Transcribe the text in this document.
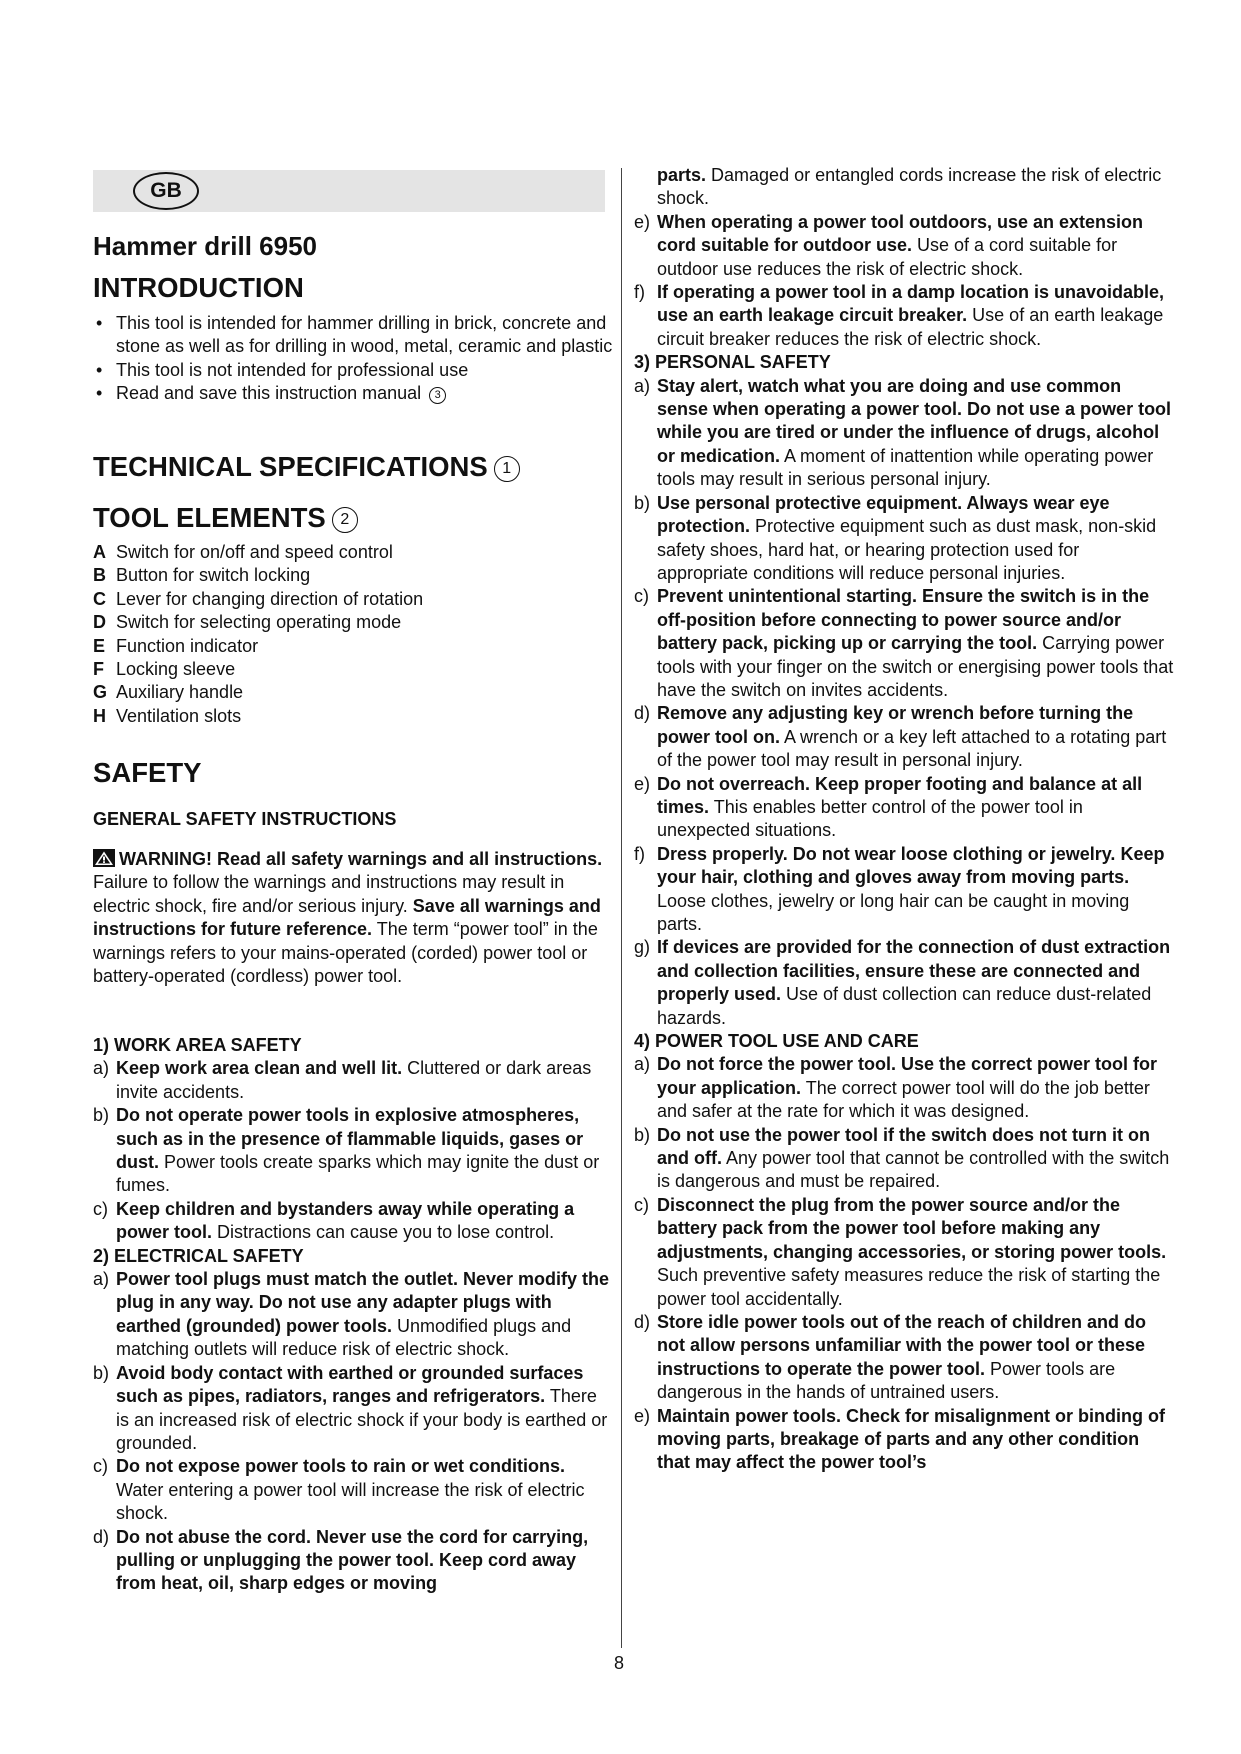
GB
Hammer drill 6950
INTRODUCTION
• This tool is intended for hammer drilling in brick, concrete and stone as well as for drilling in wood, metal, ceramic and plastic
• This tool is not intended for professional use
• Read and save this instruction manual 3
TECHNICAL SPECIFICATIONS 1
TOOL ELEMENTS 2
A Switch for on/off and speed control
B Button for switch locking
C Lever for changing direction of rotation
D Switch for selecting operating mode
E Function indicator
F Locking sleeve
G Auxiliary handle
H Ventilation slots
SAFETY
GENERAL SAFETY INSTRUCTIONS

WARNING! Read all safety warnings and all instructions. Failure to follow the warnings and instructions may result in electric shock, fire and/or serious injury. Save all warnings and instructions for future reference. The term “power tool” in the warnings refers to your mains-operated (corded) power tool or battery-operated (cordless) power tool.

1) WORK AREA SAFETY
a) Keep work area clean and well lit. Cluttered or dark areas invite accidents.
b) Do not operate power tools in explosive atmospheres, such as in the presence of flammable liquids, gases or dust. Power tools create sparks which may ignite the dust or fumes.
c) Keep children and bystanders away while operating a power tool. Distractions can cause you to lose control.
2) ELECTRICAL SAFETY
a) Power tool plugs must match the outlet. Never modify the plug in any way. Do not use any adapter plugs with earthed (grounded) power tools. Unmodified plugs and matching outlets will reduce risk of electric shock.
b) Avoid body contact with earthed or grounded surfaces such as pipes, radiators, ranges and refrigerators. There is an increased risk of electric shock if your body is earthed or grounded.
c) Do not expose power tools to rain or wet conditions. Water entering a power tool will increase the risk of electric shock.
d) Do not abuse the cord. Never use the cord for carrying, pulling or unplugging the power tool. Keep cord away from heat, oil, sharp edges or moving
parts. Damaged or entangled cords increase the risk of electric shock.
e) When operating a power tool outdoors, use an extension cord suitable for outdoor use. Use of a cord suitable for outdoor use reduces the risk of electric shock.
f) If operating a power tool in a damp location is unavoidable, use an earth leakage circuit breaker. Use of an earth leakage circuit breaker reduces the risk of electric shock.
3) PERSONAL SAFETY
a) Stay alert, watch what you are doing and use common sense when operating a power tool. Do not use a power tool while you are tired or under the influence of drugs, alcohol or medication. A moment of inattention while operating power tools may result in serious personal injury.
b) Use personal protective equipment. Always wear eye protection. Protective equipment such as dust mask, non-skid safety shoes, hard hat, or hearing protection used for appropriate conditions will reduce personal injuries.
c) Prevent unintentional starting. Ensure the switch is in the off-position before connecting to power source and/or battery pack, picking up or carrying the tool. Carrying power tools with your finger on the switch or energising power tools that have the switch on invites accidents.
d) Remove any adjusting key or wrench before turning the power tool on. A wrench or a key left attached to a rotating part of the power tool may result in personal injury.
e) Do not overreach. Keep proper footing and balance at all times. This enables better control of the power tool in unexpected situations.
f) Dress properly. Do not wear loose clothing or jewelry. Keep your hair, clothing and gloves away from moving parts. Loose clothes, jewelry or long hair can be caught in moving parts.
g) If devices are provided for the connection of dust extraction and collection facilities, ensure these are connected and properly used. Use of dust collection can reduce dust-related hazards.
4) POWER TOOL USE AND CARE
a) Do not force the power tool. Use the correct power tool for your application. The correct power tool will do the job better and safer at the rate for which it was designed.
b) Do not use the power tool if the switch does not turn it on and off. Any power tool that cannot be controlled with the switch is dangerous and must be repaired.
c) Disconnect the plug from the power source and/or the battery pack from the power tool before making any adjustments, changing accessories, or storing power tools. Such preventive safety measures reduce the risk of starting the power tool accidentally.
d) Store idle power tools out of the reach of children and do not allow persons unfamiliar with the power tool or these instructions to operate the power tool. Power tools are dangerous in the hands of untrained users.
e) Maintain power tools. Check for misalignment or binding of moving parts, breakage of parts and any other condition that may affect the power tool’s
8
